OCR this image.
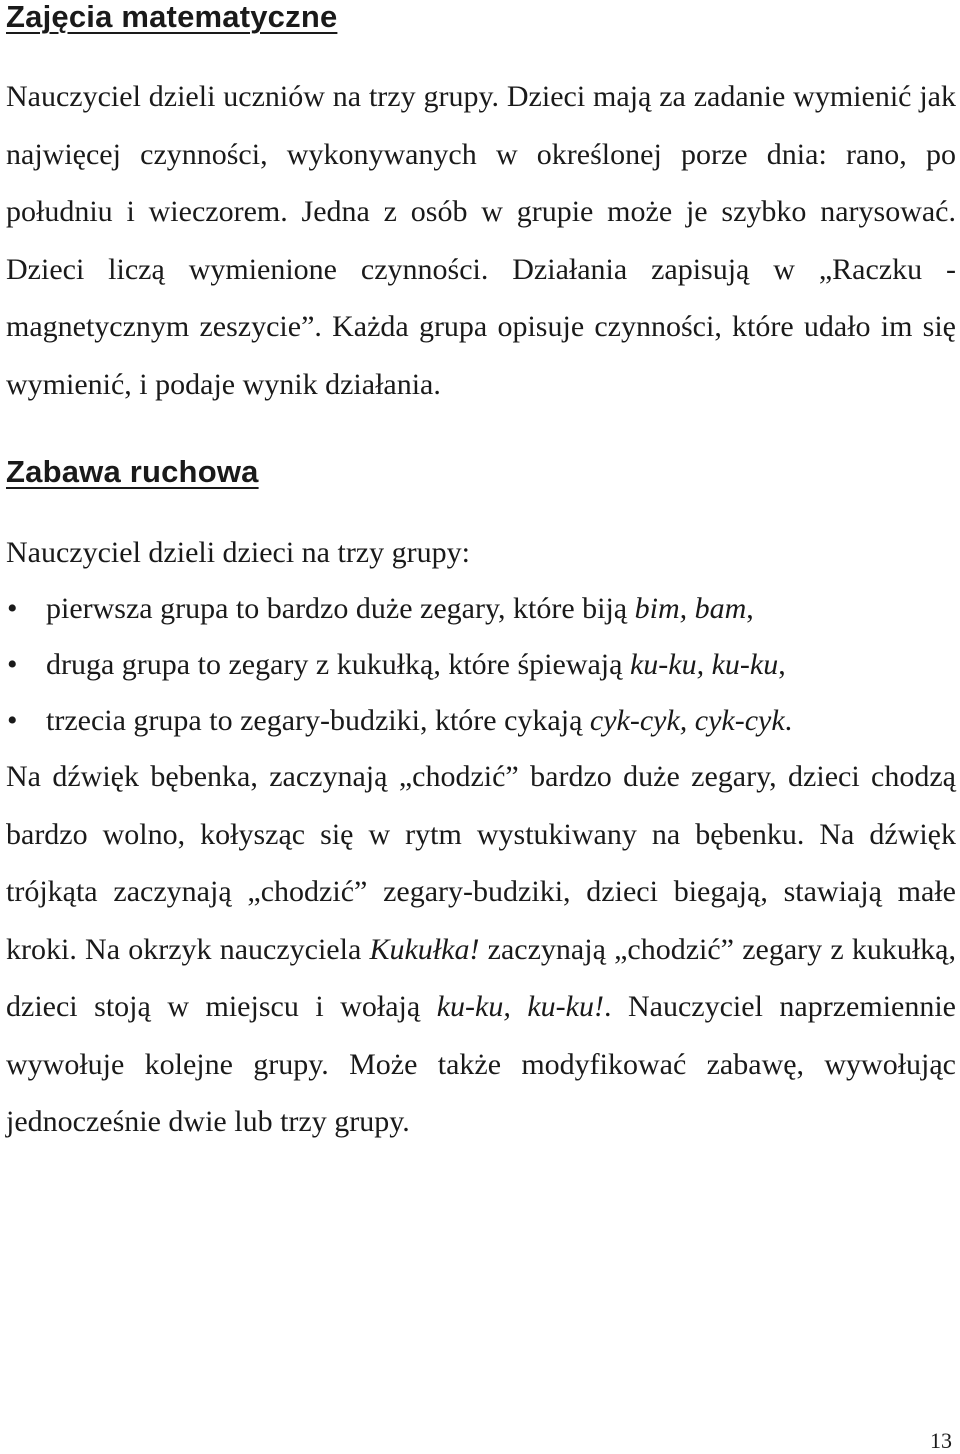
Zajęcia matematyczne

Nauczyciel dzieli uczniów na trzy grupy. Dzieci mają za zadanie wymienić jak najwięcej czynności, wykonywanych w określonej porze dnia: rano, po południu i wieczorem. Jedna z osób w grupie może je szybko narysować. Dzieci liczą wymienione czynności. Działania zapisują w „Raczku - magnetycznym zeszycie”. Każda grupa opisuje czynności, które udało im się wymienić, i podaje wynik działania.

Zabawa ruchowa

Nauczyciel dzieli dzieci na trzy grupy:

• pierwsza grupa to bardzo duże zegary, które biją bim, bam,
• druga grupa to zegary z kukułką, które śpiewają ku-ku, ku-ku,
• trzecia grupa to zegary-budziki, które cykają cyk-cyk, cyk-cyk.

Na dźwięk bębenka, zaczynają „chodzić” bardzo duże zegary, dzieci chodzą bardzo wolno, kołysząc się w rytm wystukiwany na bębenku. Na dźwięk trójkąta zaczynają „chodzić” zegary-budziki, dzieci biegają, stawiają małe kroki. Na okrzyk nauczyciela Kukułka! zaczynają „chodzić” zegary z kukułką, dzieci stoją w miejscu i wołają ku-ku, ku-ku!. Nauczyciel naprzemiennie wywołuje kolejne grupy. Może także modyfikować zabawę, wywołując jednocześnie dwie lub trzy grupy.

13
